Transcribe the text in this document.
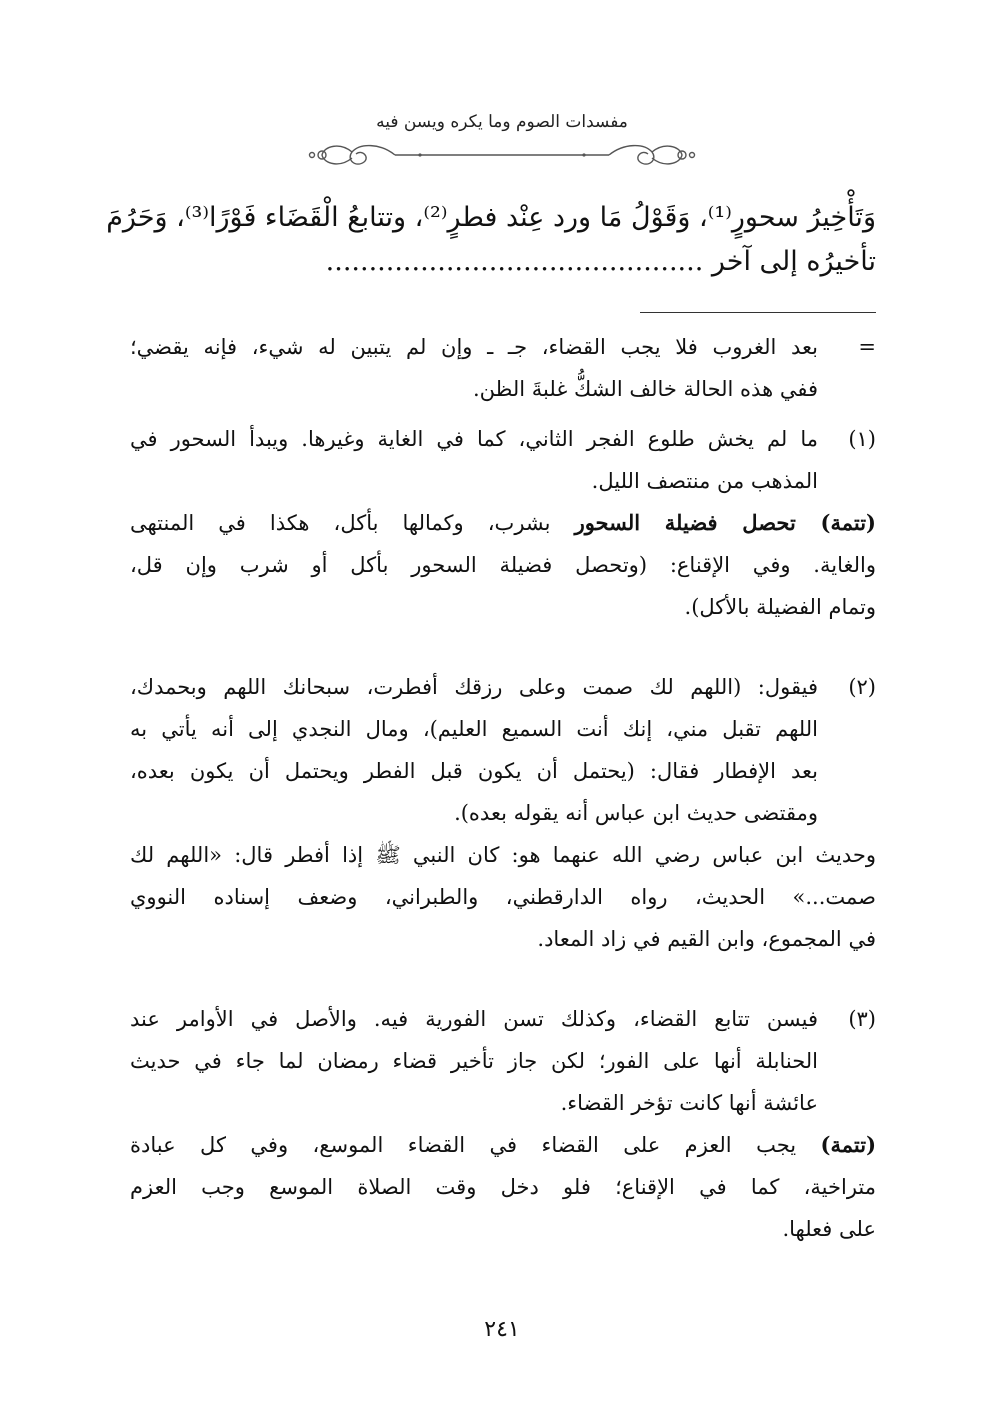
مفسدات الصوم وما يكره ويسن فيه
وَتَأْخِيرُ سحورٍ⁽¹⁾، وَقَوْلُ مَا ورد عِنْد فطرٍ⁽²⁾، وتتابعُ الْقَضَاء فَوْرًا⁽³⁾، وَحَرُمَ
تأخيرُه إلى آخر ............................................
=
بعد الغروب فلا يجب القضاء، جـ ـ وإن لم يتبين له شيء، فإنه يقضي؛
ففي هذه الحالة خالف الشكُّ غلبةَ الظن.
(١)
ما لم يخش طلوع الفجر الثاني، كما في الغاية وغيرها. ويبدأ السحور في
المذهب من منتصف الليل.
(تتمة) تحصل فضيلة السحور بشرب، وكمالها بأكل، هكذا في المنتهى
والغاية. وفي الإقناع: (وتحصل فضيلة السحور بأكل أو شرب وإن قل،
وتمام الفضيلة بالأكل).
(٢)
فيقول: (اللهم لك صمت وعلى رزقك أفطرت، سبحانك اللهم وبحمدك،
اللهم تقبل مني، إنك أنت السميع العليم)، ومال النجدي إلى أنه يأتي به
بعد الإفطار فقال: (يحتمل أن يكون قبل الفطر ويحتمل أن يكون بعده،
ومقتضى حديث ابن عباس أنه يقوله بعده).
وحديث ابن عباس رضي الله عنهما هو: كان النبي ﷺ إذا أفطر قال: «اللهم لك
صمت...» الحديث، رواه الدارقطني، والطبراني، وضعف إسناده النووي
في المجموع، وابن القيم في زاد المعاد.
(٣)
فيسن تتابع القضاء، وكذلك تسن الفورية فيه. والأصل في الأوامر عند
الحنابلة أنها على الفور؛ لكن جاز تأخير قضاء رمضان لما جاء في حديث
عائشة أنها كانت تؤخر القضاء.
(تتمة) يجب العزم على القضاء في القضاء الموسع، وفي كل عبادة
متراخية، كما في الإقناع؛ فلو دخل وقت الصلاة الموسع وجب العزم
على فعلها.
٢٤١
